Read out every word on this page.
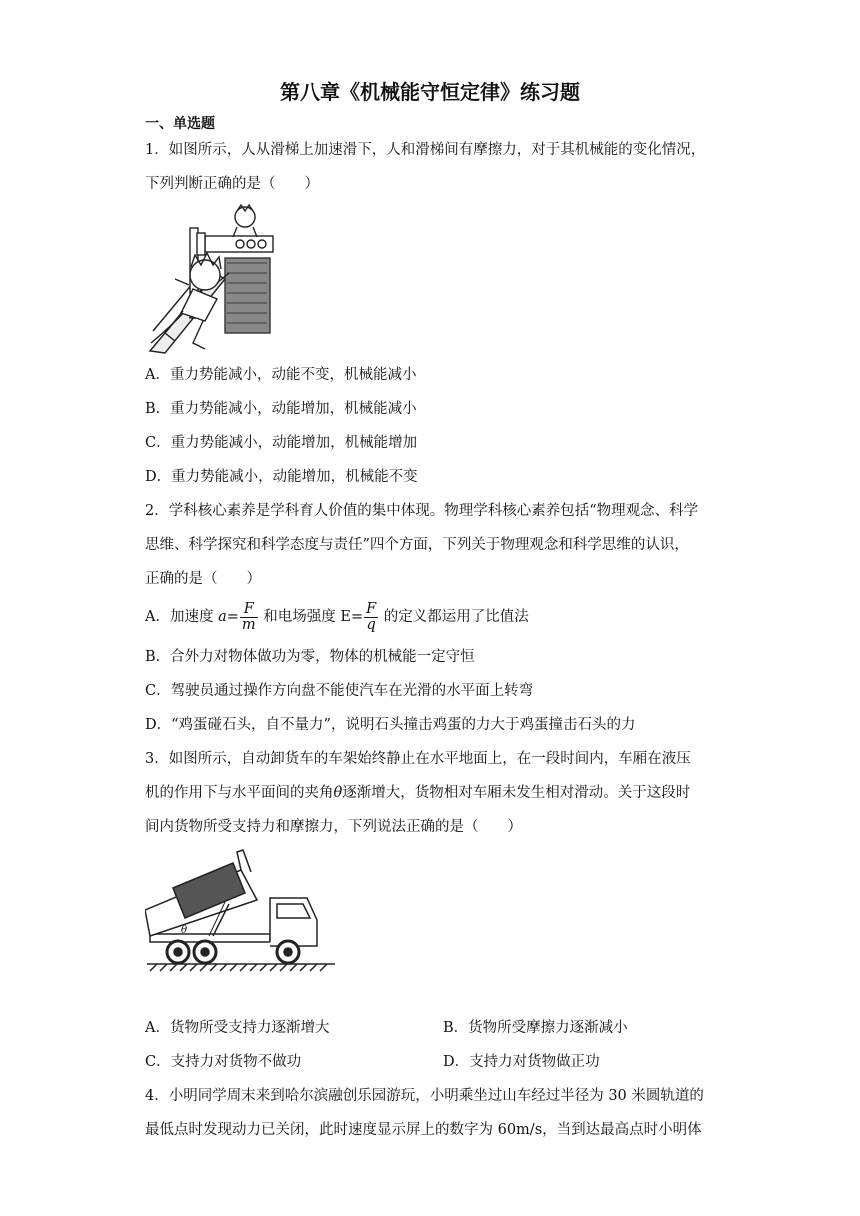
第八章《机械能守恒定律》练习题
一、单选题
1．如图所示，人从滑梯上加速滑下，人和滑梯间有摩擦力，对于其机械能的变化情况，
下列判断正确的是（　　）
A．重力势能减小，动能不变，机械能减小
B．重力势能减小，动能增加，机械能减小
C．重力势能减小，动能增加，机械能增加
D．重力势能减小，动能增加，机械能不变
2．学科核心素养是学科育人价值的集中体现。物理学科核心素养包括“物理观念、科学
思维、科学探究和科学态度与责任”四个方面，下列关于物理观念和科学思维的认识，
正确的是（　　）
A．加速度 $a= \frac{F}{m}$ 和电场强度 $E= \frac{F}{q}$ 的定义都运用了比值法
B．合外力对物体做功为零，物体的机械能一定守恒
C．驾驶员通过操作方向盘不能使汽车在光滑的水平面上转弯
D．“鸡蛋碰石头，自不量力”，说明石头撞击鸡蛋的力大于鸡蛋撞击石头的力
3．如图所示，自动卸货车的车架始终静止在水平地面上，在一段时间内，车厢在液压
机的作用下与水平面间的夹角θ逐渐增大，货物相对车厢未发生相对滑动。关于这段时
间内货物所受支持力和摩擦力，下列说法正确的是（　　）
θ
A．货物所受支持力逐渐增大	B．货物所受摩擦力逐渐减小
C．支持力对货物不做功	D．支持力对货物做正功
4．小明同学周末来到哈尔滨融创乐园游玩，小明乘坐过山车经过半径为 30 米圆轨道的
最低点时发现动力已关闭，此时速度显示屏上的数字为 60m/s，当到达最高点时小明体
